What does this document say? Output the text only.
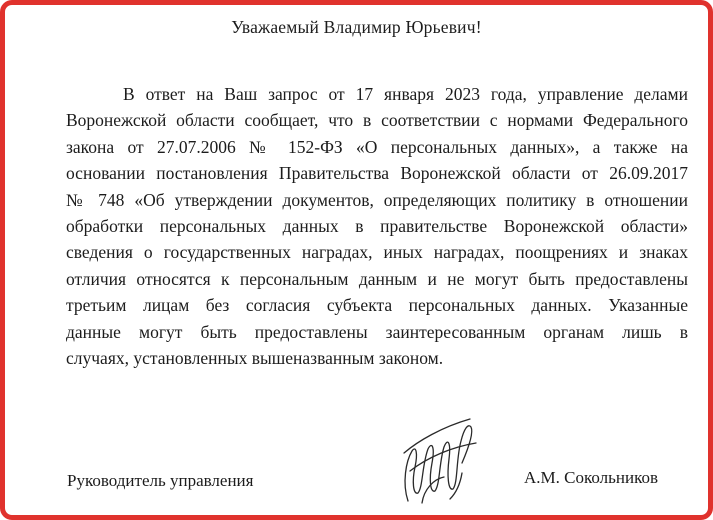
Уважаемый Владимир Юрьевич!
В ответ на Ваш запрос от 17 января 2023 года, управление делами
Воронежской области сообщает, что в соответствии с нормами Федерального
закона от 27.07.2006 № 152-ФЗ «О персональных данных», а также на
основании постановления Правительства Воронежской области от 26.09.2017
№ 748 «Об утверждении документов, определяющих политику в отношении
обработки персональных данных в правительстве Воронежской области»
сведения о государственных наградах, иных наградах, поощрениях и знаках
отличия относятся к персональным данным и не могут быть предоставлены
третьим лицам без согласия субъекта персональных данных. Указанные
данные могут быть предоставлены заинтересованным органам лишь в
случаях, установленных вышеназванным законом.
Руководитель управления	А.М. Сокольников
